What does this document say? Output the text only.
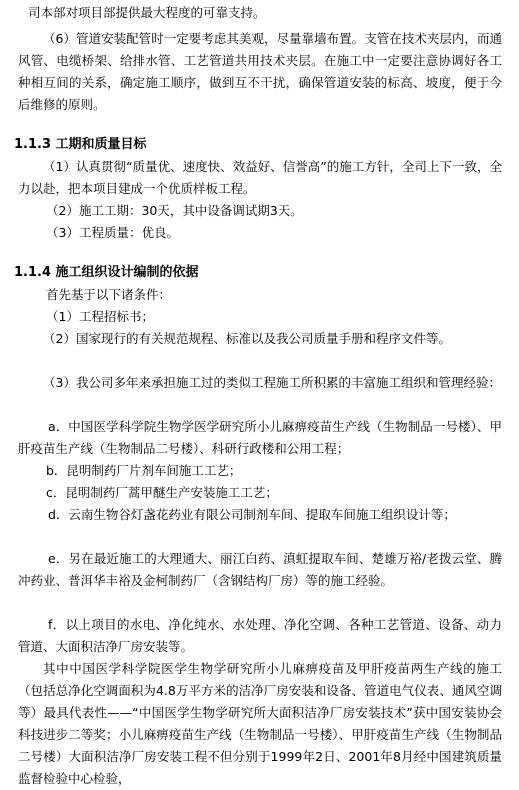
司本部对项目部提供最大程度的可靠支持。
（6）管道安装配管时一定要考虑其美观，尽量靠墙布置。支管在技术夹层内，而通风管、电缆桥架、给排水管、工艺管道共用技术夹层。在施工中一定要注意协调好各工种相互间的关系，确定施工顺序，做到互不干扰，确保管道安装的标高、坡度，便于今后维修的原则。
1.1.3 工期和质量目标
（1）认真贯彻“质量优、速度快、效益好、信誉高”的施工方针，全司上下一致，全力以赴，把本项目建成一个优质样板工程。
（2）施工工期：30天，其中设备调试期3天。
（3）工程质量：优良。
1.1.4 施工组织设计编制的依据
首先基于以下诸条件：
（1）工程招标书；
（2）国家现行的有关规范规程、标准以及我公司质量手册和程序文件等。
（3）我公司多年来承担施工过的类似工程施工所积累的丰富施工组织和管理经验：
a．中国医学科学院生物学医学研究所小儿麻痹疫苗生产线（生物制品一号楼）、甲肝疫苗生产线（生物制品二号楼）、科研行政楼和公用工程；
b．昆明制药厂片剂车间施工工艺；
c．昆明制药厂蒿甲醚生产安装施工工艺；
d．云南生物谷灯盏花药业有限公司制剂车间、提取车间施工组织设计等；
e．另在最近施工的大理通大、丽江白药、滇虹提取车间、楚雄万裕/老拨云堂、腾冲药业、普洱华丰裕及金柯制药厂（含钢结构厂房）等的施工经验。
f．以上项目的水电、净化纯水、水处理、净化空调、各种工艺管道、设备、动力管道、大面积洁净厂房安装等。
其中中国医学科学院医学生物学研究所小儿麻痹疫苗及甲肝疫苗两生产线的施工（包括总净化空调面积为4.8万平方米的洁净厂房安装和设备、管道电气仪表、通风空调等）最具代表性——“中国医学生物学研究所大面积洁净厂房安装技术”获中国安装协会科技进步二等奖；小儿麻痹疫苗生产线（生物制品一号楼）、甲肝疫苗生产线（生物制品二号楼）大面积洁净厂房安装工程不但分别于1999年2日、2001年8月经中国建筑质量监督检验中心检验，
